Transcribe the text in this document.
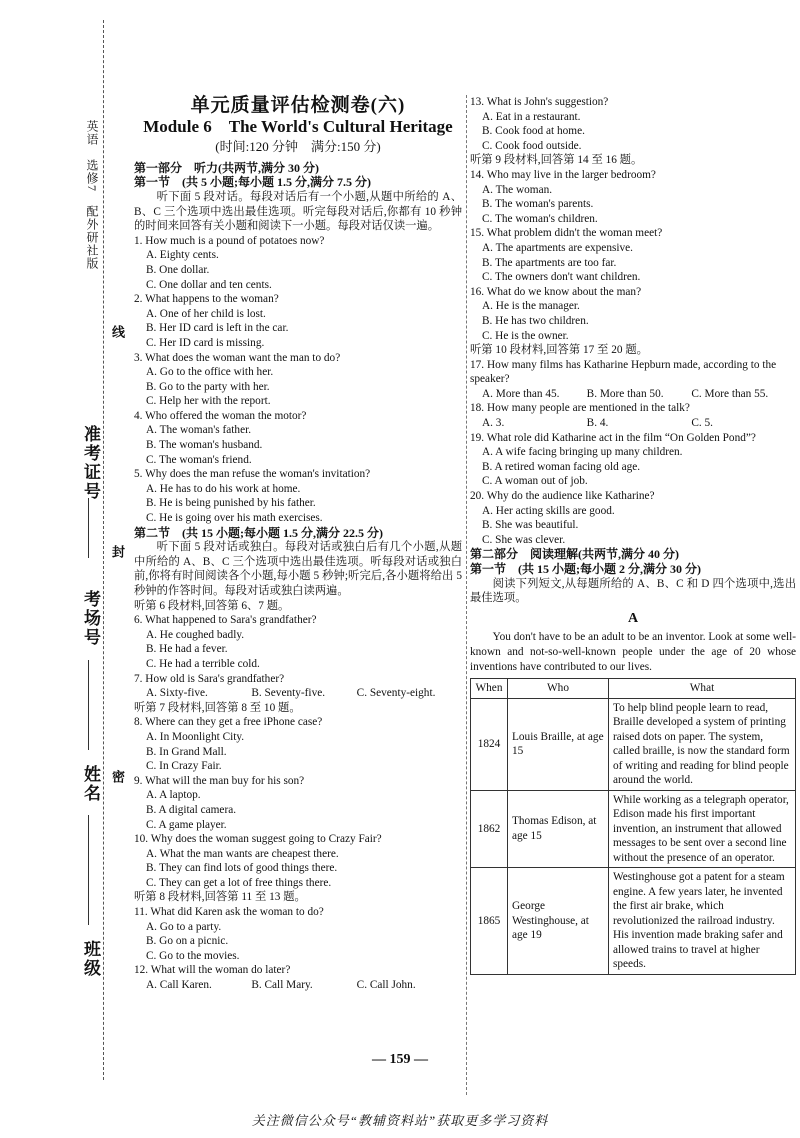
英语　选修7　配外研社版
线
封
密
准考证号
考场号
姓名
班级
单元质量评估检测卷(六)
Module 6　The World's Cultural Heritage
(时间:120 分钟　满分:150 分)
第一部分　听力(共两节,满分 30 分)
第一节　(共 5 小题;每小题 1.5 分,满分 7.5 分)
听下面 5 段对话。每段对话后有一个小题,从题中所给的 A、B、C 三个选项中选出最佳选项。听完每段对话后,你都有 10 秒钟的时间来回答有关小题和阅读下一小题。每段对话仅读一遍。
1. How much is a pound of potatoes now?
A. Eighty cents.
B. One dollar.
C. One dollar and ten cents.
2. What happens to the woman?
A. One of her child is lost.
B. Her ID card is left in the car.
C. Her ID card is missing.
3. What does the woman want the man to do?
A. Go to the office with her.
B. Go to the party with her.
C. Help her with the report.
4. Who offered the woman the motor?
A. The woman's father.
B. The woman's husband.
C. The woman's friend.
5. Why does the man refuse the woman's invitation?
A. He has to do his work at home.
B. He is being punished by his father.
C. He is going over his math exercises.
第二节　(共 15 小题;每小题 1.5 分,满分 22.5 分)
听下面 5 段对话或独白。每段对话或独白后有几个小题,从题中所给的 A、B、C 三个选项中选出最佳选项。听每段对话或独白前,你将有时间阅读各个小题,每小题 5 秒钟;听完后,各小题将给出 5 秒钟的作答时间。每段对话或独白读两遍。
听第 6 段材料,回答第 6、7 题。
6. What happened to Sara's grandfather?
A. He coughed badly.
B. He had a fever.
C. He had a terrible cold.
7. How old is Sara's grandfather?
A. Sixty-five.	B. Seventy-five.	C. Seventy-eight.
听第 7 段材料,回答第 8 至 10 题。
8. Where can they get a free iPhone case?
A. In Moonlight City.
B. In Grand Mall.
C. In Crazy Fair.
9. What will the man buy for his son?
A. A laptop.
B. A digital camera.
C. A game player.
10. Why does the woman suggest going to Crazy Fair?
A. What the man wants are cheapest there.
B. They can find lots of good things there.
C. They can get a lot of free things there.
听第 8 段材料,回答第 11 至 13 题。
11. What did Karen ask the woman to do?
A. Go to a party.
B. Go on a picnic.
C. Go to the movies.
12. What will the woman do later?
A. Call Karen.	B. Call Mary.	C. Call John.
13. What is John's suggestion?
A. Eat in a restaurant.
B. Cook food at home.
C. Cook food outside.
听第 9 段材料,回答第 14 至 16 题。
14. Who may live in the larger bedroom?
A. The woman.
B. The woman's parents.
C. The woman's children.
15. What problem didn't the woman meet?
A. The apartments are expensive.
B. The apartments are too far.
C. The owners don't want children.
16. What do we know about the man?
A. He is the manager.
B. He has two children.
C. He is the owner.
听第 10 段材料,回答第 17 至 20 题。
17. How many films has Katharine Hepburn made, according to the speaker?
A. More than 45.	B. More than 50.	C. More than 55.
18. How many people are mentioned in the talk?
A. 3.	B. 4.	C. 5.
19. What role did Katharine act in the film “On Golden Pond”?
A. A wife facing bringing up many children.
B. A retired woman facing old age.
C. A woman out of job.
20. Why do the audience like Katharine?
A. Her acting skills are good.
B. She was beautiful.
C. She was clever.
第二部分　阅读理解(共两节,满分 40 分)
第一节　(共 15 小题;每小题 2 分,满分 30 分)
阅读下列短文,从每题所给的 A、B、C 和 D 四个选项中,选出最佳选项。
A
You don't have to be an adult to be an inventor. Look at some well-known and not-so-well-known people under the age of 20 whose inventions have contributed to our lives.
When	Who	What
1824	Louis Braille, at age 15	To help blind people learn to read, Braille developed a system of printing raised dots on paper. The system, called braille, is now the standard form of writing and reading for blind people around the world.
1862	Thomas Edison, at age 15	While working as a telegraph operator, Edison made his first important invention, an instrument that allowed messages to be sent over a second line without the presence of an operator.
1865	George Westinghouse, at age 19	Westinghouse got a patent for a steam engine. A few years later, he invented the first air brake, which revolutionized the railroad industry. His invention made braking safer and allowed trains to travel at higher speeds.
— 159 —
关注微信公众号“教辅资料站”获取更多学习资料
